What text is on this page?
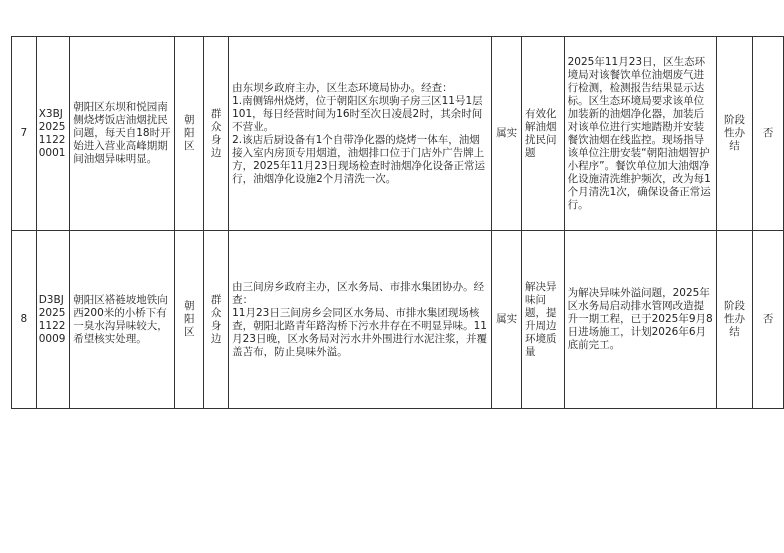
7	X3BJ20251122 0001	朝阳区东坝和悦园南侧烧烤饭店油烟扰民问题，每天自18时开始进入营业高峰期期间油烟异味明显。	朝阳区	群众身边	由东坝乡政府主办，区生态环境局协办。经查：
1.南侧锦州烧烤，位于朝阳区东坝驹子房三区11号1层101，每日经营时间为16时至次日凌晨2时，其余时间不营业。
2.该店后厨设备有1个自带净化器的烧烤一体车，油烟接入室内房顶专用烟道，油烟排口位于门店外广告牌上方，2025年11月23日现场检查时油烟净化设备正常运行，油烟净化设施2个月清洗一次。	属实	有效化解油烟扰民问题	2025年11月23日，区生态环境局对该餐饮单位油烟废气进行检测，检测报告结果显示达标。区生态环境局要求该单位加装新的油烟净化器，加装后对该单位进行实地踏勘并安装餐饮油烟在线监控。现场指导该单位注册安装“朝阳油烟智护小程序”。餐饮单位加大油烟净化设施清洗维护频次，改为每1个月清洗1次，确保设备正常运行。	阶段性办结	否
8	D3BJ20251122 0009	朝阳区褡裢坡地铁向西200米的小桥下有一臭水沟异味较大，希望核实处理。	朝阳区	群众身边	由三间房乡政府主办，区水务局、市排水集团协办。经查：
11月23日三间房乡会同区水务局、市排水集团现场核查，朝阳北路青年路沟桥下污水井存在不明显异味。11月23日晚，区水务局对污水井外围进行水泥注浆，并覆盖苫布，防止臭味外溢。	属实	解决异味问题，提升周边环境质量	为解决异味外溢问题，2025年区水务局启动排水管网改造提升一期工程，已于2025年9月8日进场施工，计划2026年6月底前完工。	阶段性办结	否
